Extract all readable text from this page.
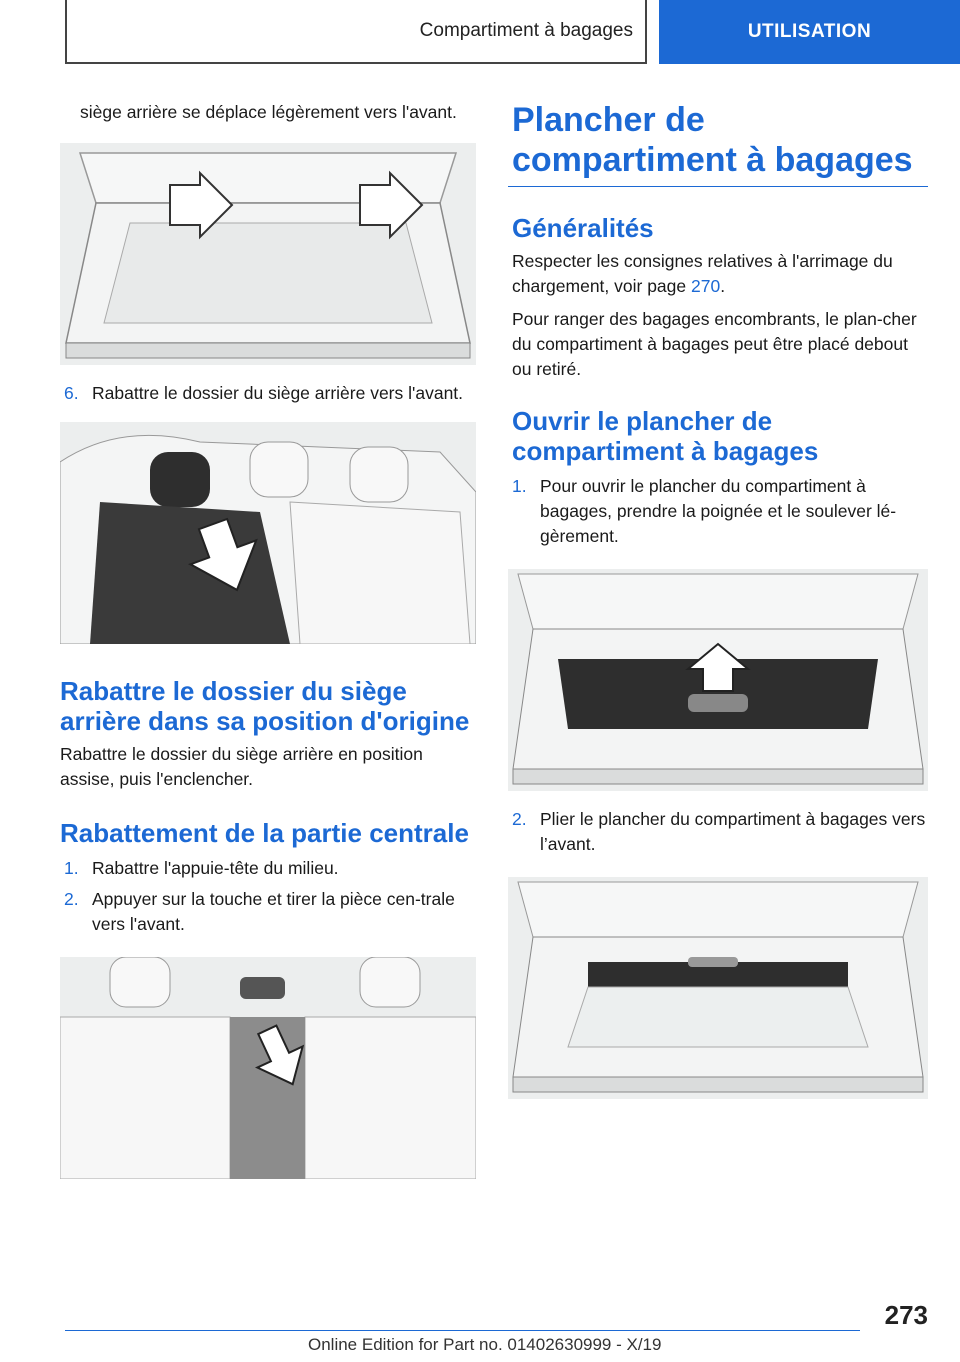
Compartiment à bagages	UTILISATION

siège arrière se déplace légèrement vers l'avant.

6. Rabattre le dossier du siège arrière vers l'avant.
Rabattre le dossier du siège arrière dans sa position d'origine

Rabattre le dossier du siège arrière en position assise, puis l'enclencher.

Rabattement de la partie centrale
1. Rabattre l'appuie-tête du milieu.
2. Appuyer sur la touche et tirer la pièce cen-trale vers l'avant.
Plancher de compartiment à bagages
Généralités

Respecter les consignes relatives à l'arrimage du chargement, voir page 270.

Pour ranger des bagages encombrants, le plan-cher du compartiment à bagages peut être placé debout ou retiré.

Ouvrir le plancher de compartiment à bagages
1. Pour ouvrir le plancher du compartiment à bagages, prendre la poignée et le soulever lé-gèrement.
2. Plier le plancher du compartiment à bagages vers l’avant.
273
Online Edition for Part no. 01402630999 - X/19
